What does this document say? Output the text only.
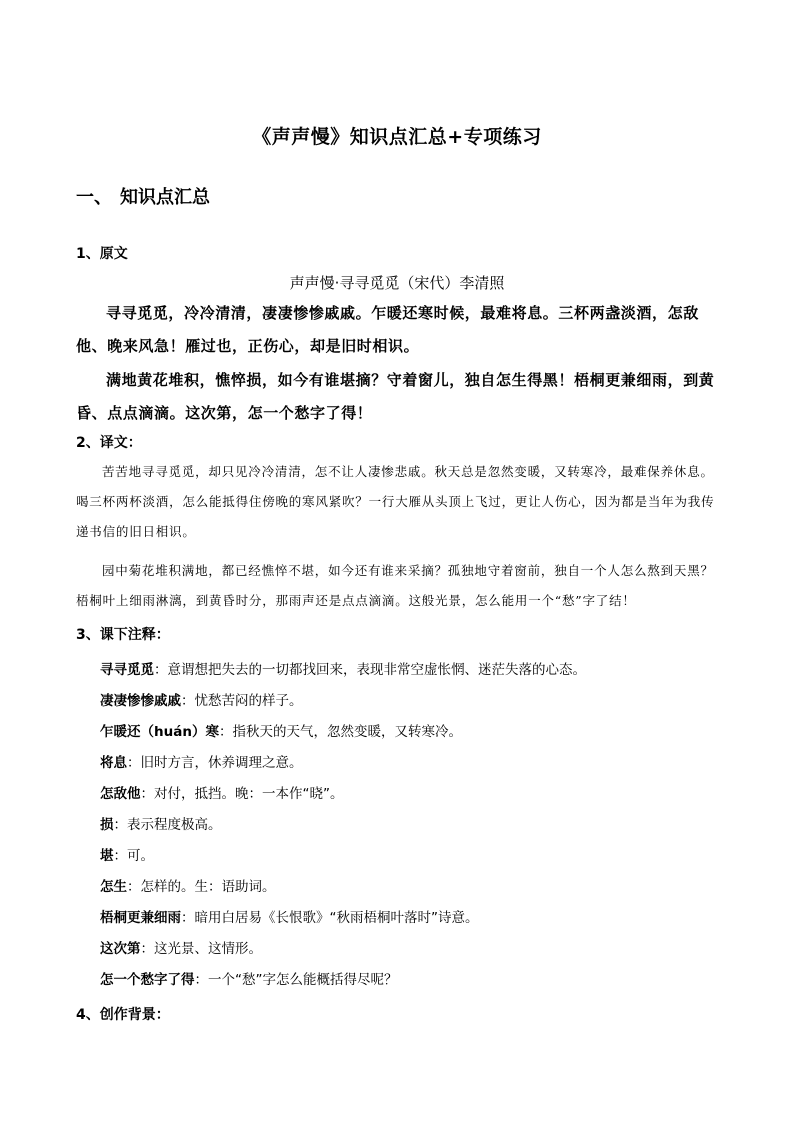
《声声慢》知识点汇总+专项练习
一、 知识点汇总
1、原文
声声慢·寻寻觅觅（宋代）李清照
寻寻觅觅，冷冷清清，凄凄惨惨戚戚。乍暖还寒时候，最难将息。三杯两盏淡酒，怎敌他、晚来风急！雁过也，正伤心，却是旧时相识。
满地黄花堆积，憔悴损，如今有谁堪摘？守着窗儿，独自怎生得黑！梧桐更兼细雨，到黄昏、点点滴滴。这次第，怎一个愁字了得！
2、译文：
苦苦地寻寻觅觅，却只见冷冷清清，怎不让人凄惨悲戚。秋天总是忽然变暖，又转寒冷，最难保养休息。喝三杯两杯淡酒，怎么能抵得住傍晚的寒风紧吹？一行大雁从头顶上飞过，更让人伤心，因为都是当年为我传递书信的旧日相识。
园中菊花堆积满地，都已经憔悴不堪，如今还有谁来采摘？孤独地守着窗前，独自一个人怎么熬到天黑？梧桐叶上细雨淋漓，到黄昏时分，那雨声还是点点滴滴。这般光景，怎么能用一个“愁”字了结！
3、课下注释：
寻寻觅觅：意谓想把失去的一切都找回来，表现非常空虚怅惘、迷茫失落的心态。
凄凄惨惨戚戚：忧愁苦闷的样子。
乍暖还（huán）寒：指秋天的天气，忽然变暖，又转寒冷。
将息：旧时方言，休养调理之意。
怎敌他：对付，抵挡。晚：一本作“晓”。
损：表示程度极高。
堪：可。
怎生：怎样的。生：语助词。
梧桐更兼细雨：暗用白居易《长恨歌》“秋雨梧桐叶落时”诗意。
这次第：这光景、这情形。
怎一个愁字了得：一个“愁”字怎么能概括得尽呢？
4、创作背景：
